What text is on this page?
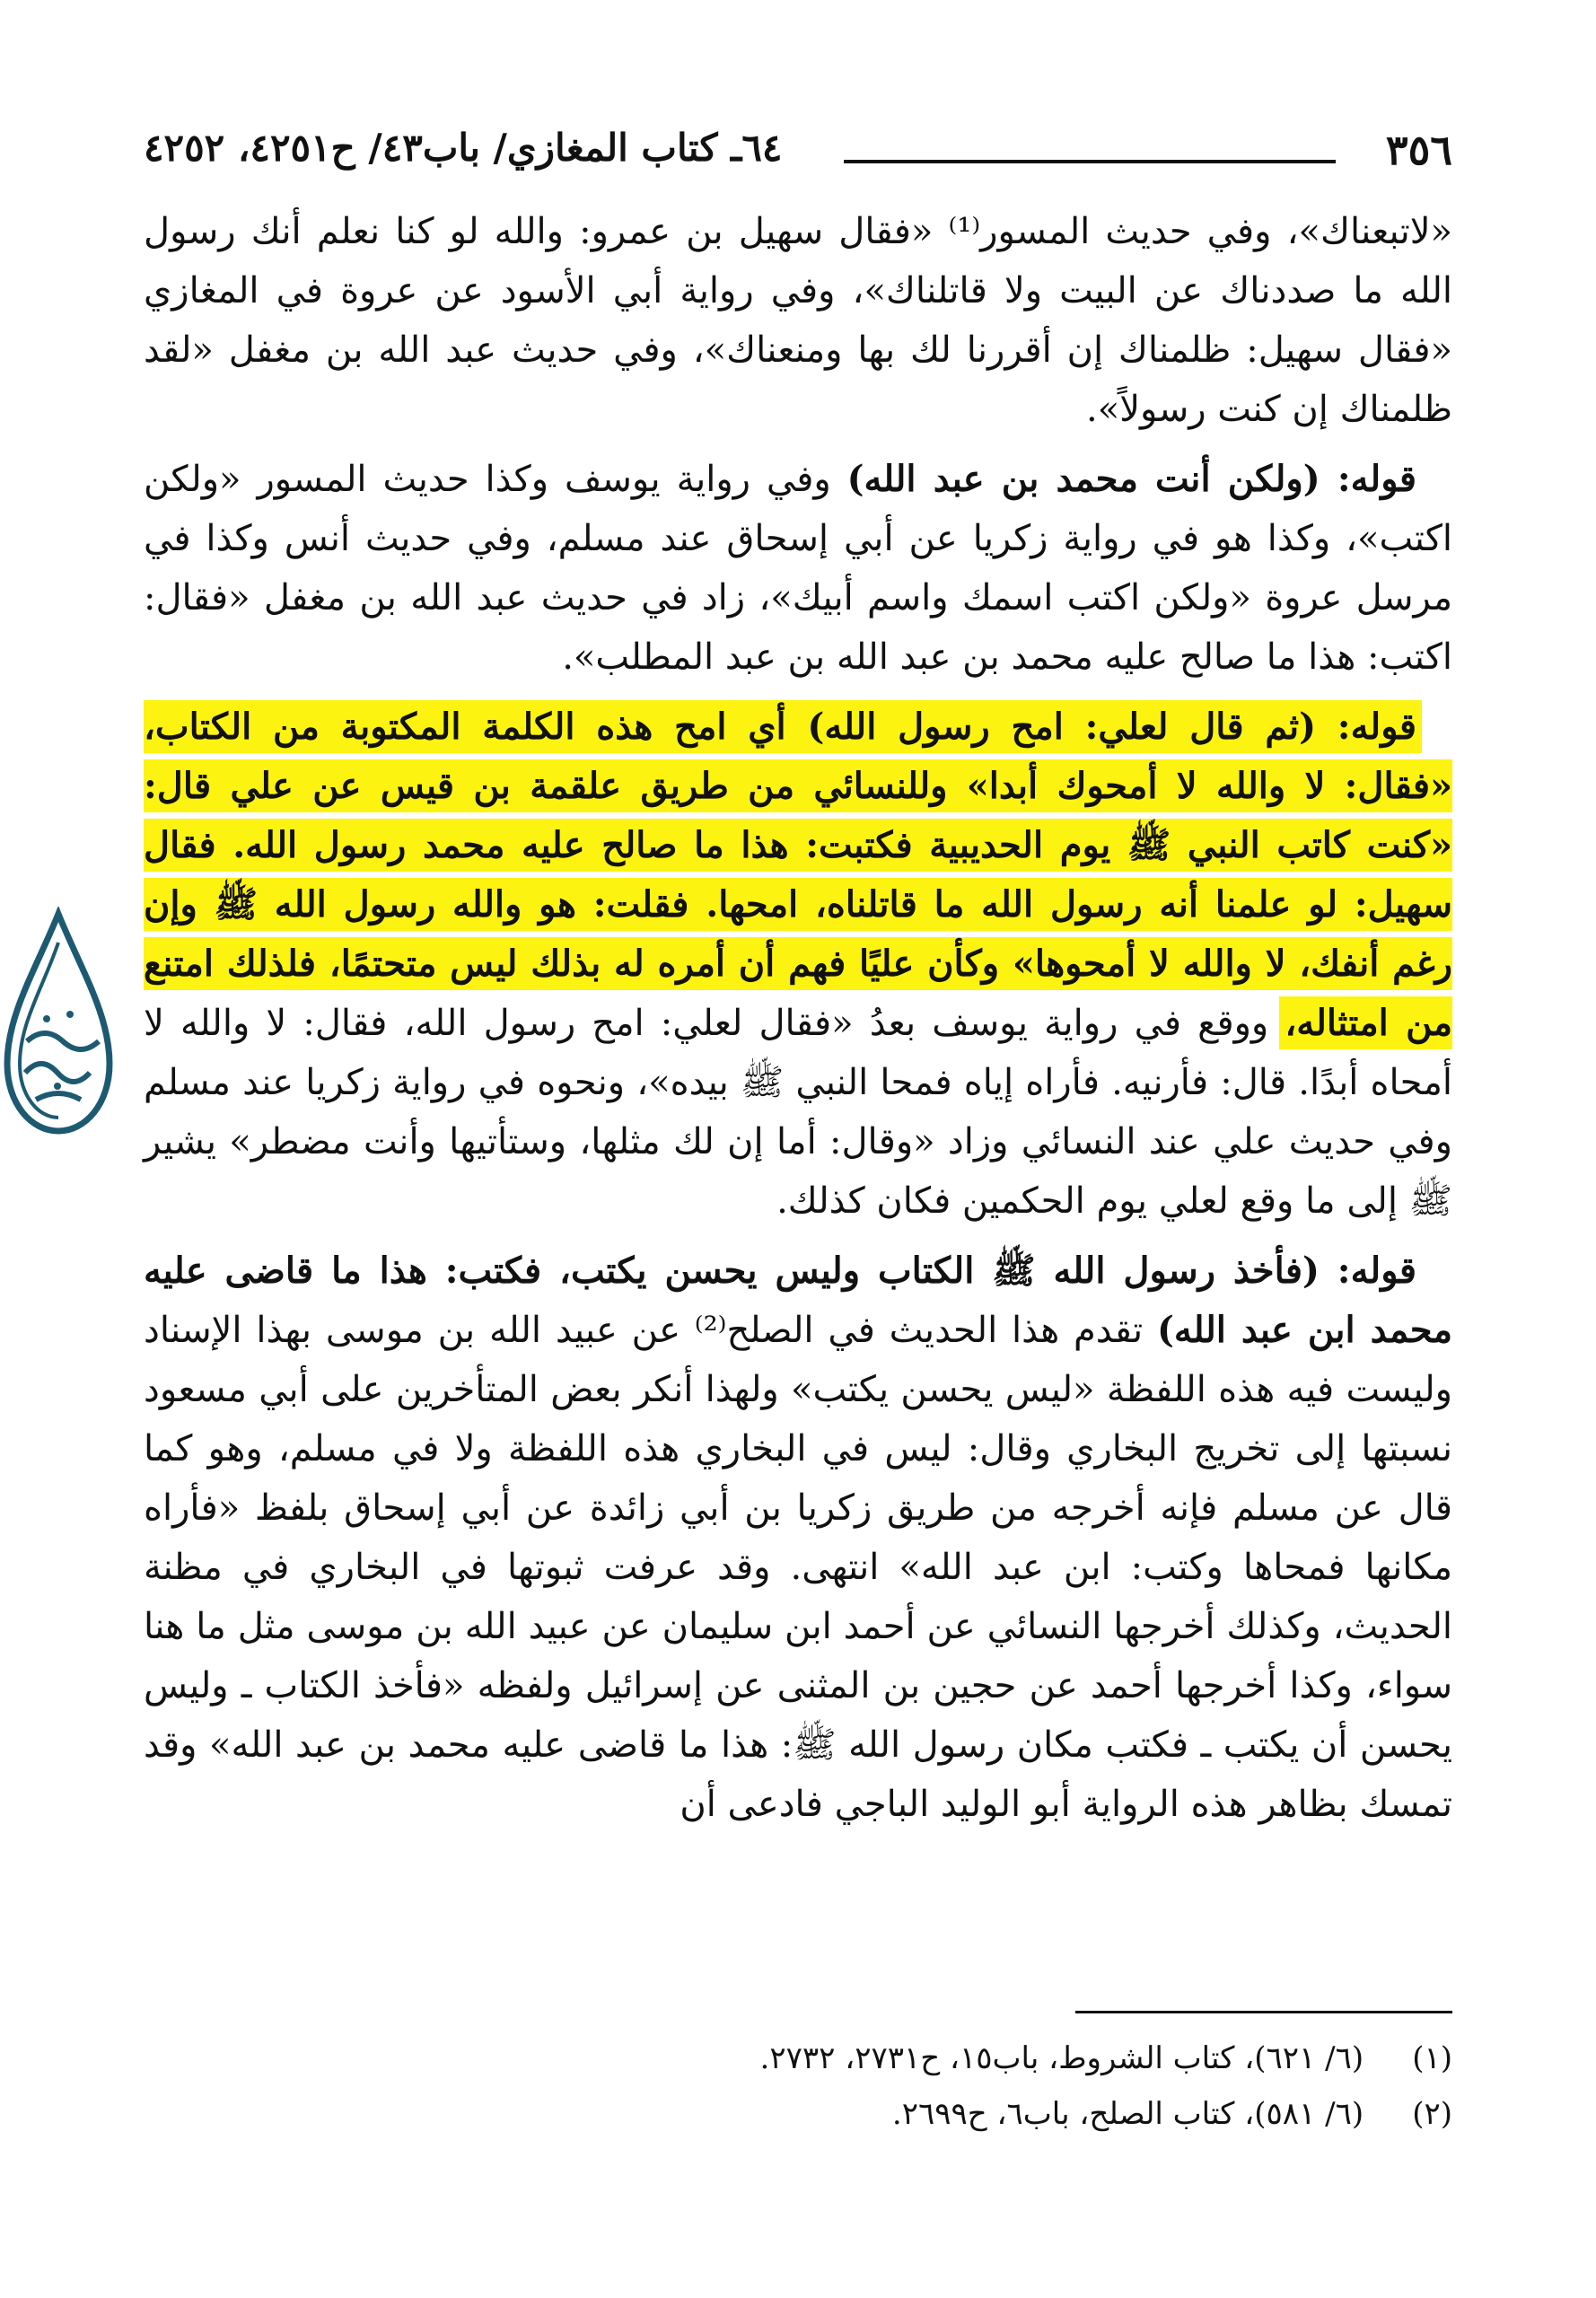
٣٥٦
٦٤ـ كتاب المغازي/ باب٤٣/ ح٤٢٥١، ٤٢٥٢

«لاتبعناك»، وفي حديث المسور⁽¹⁾ «فقال سهيل بن عمرو: والله لو كنا نعلم أنك رسول الله ما صددناك عن البيت ولا قاتلناك»، وفي رواية أبي الأسود عن عروة في المغازي «فقال سهيل: ظلمناك إن أقررنا لك بها ومنعناك»، وفي حديث عبد الله بن مغفل «لقد ظلمناك إن كنت رسولاً».

قوله: (ولكن أنت محمد بن عبد الله) وفي رواية يوسف وكذا حديث المسور «ولكن اكتب»، وكذا هو في رواية زكريا عن أبي إسحاق عند مسلم، وفي حديث أنس وكذا في مرسل عروة «ولكن اكتب اسمك واسم أبيك»، زاد في حديث عبد الله بن مغفل «فقال: اكتب: هذا ما صالح عليه محمد بن عبد الله بن عبد المطلب».

قوله: (ثم قال لعلي: امح رسول الله) أي امح هذه الكلمة المكتوبة من الكتاب، «فقال: لا والله لا أمحوك أبدا» وللنسائي من طريق علقمة بن قيس عن علي قال: «كنت كاتب النبي ﷺ يوم الحديبية فكتبت: هذا ما صالح عليه محمد رسول الله. فقال سهيل: لو علمنا أنه رسول الله ما قاتلناه، امحها. فقلت: هو والله رسول الله ﷺ وإن رغم أنفك، لا والله لا أمحوها» وكأن عليًا فهم أن أمره له بذلك ليس متحتمًا، فلذلك امتنع من امتثاله، ووقع في رواية يوسف بعدُ «فقال لعلي: امح رسول الله، فقال: لا والله لا أمحاه أبدًا. قال: فأرنيه. فأراه إياه فمحا النبي ﷺ بيده»، ونحوه في رواية زكريا عند مسلم وفي حديث علي عند النسائي وزاد «وقال: أما إن لك مثلها، وستأتيها وأنت مضطر» يشير ﷺ إلى ما وقع لعلي يوم الحكمين فكان كذلك.

قوله: (فأخذ رسول الله ﷺ الكتاب وليس يحسن يكتب، فكتب: هذا ما قاضى عليه محمد ابن عبد الله) تقدم هذا الحديث في الصلح⁽²⁾ عن عبيد الله بن موسى بهذا الإسناد وليست فيه هذه اللفظة «ليس يحسن يكتب» ولهذا أنكر بعض المتأخرين على أبي مسعود نسبتها إلى تخريج البخاري وقال: ليس في البخاري هذه اللفظة ولا في مسلم، وهو كما قال عن مسلم فإنه أخرجه من طريق زكريا بن أبي زائدة عن أبي إسحاق بلفظ «فأراه مكانها فمحاها وكتب: ابن عبد الله» انتهى. وقد عرفت ثبوتها في البخاري في مظنة الحديث، وكذلك أخرجها النسائي عن أحمد ابن سليمان عن عبيد الله بن موسى مثل ما هنا سواء، وكذا أخرجها أحمد عن حجين بن المثنى عن إسرائيل ولفظه «فأخذ الكتاب ـ وليس يحسن أن يكتب ـ فكتب مكان رسول الله ﷺ: هذا ما قاضى عليه محمد بن عبد الله» وقد تمسك بظاهر هذه الرواية أبو الوليد الباجي فادعى أن

(١)     (٦/ ٦٢١)، كتاب الشروط، باب١٥، ح٢٧٣١، ٢٧٣٢.
(٢)     (٦/ ٥٨١)، كتاب الصلح، باب٦، ح٢٦٩٩.
